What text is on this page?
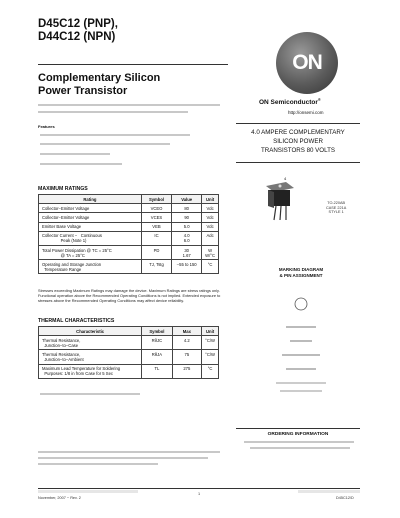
D45C12 (PNP),
D44C12 (NPN)
Complementary Silicon
Power Transistor
Features
ON
ON Semiconductor®
http://onsemi.com
4.0 AMPERE COMPLEMENTARY
SILICON POWER
TRANSISTORS 80 VOLTS
4
TO-220AB
CASE 221A
STYLE 1
MARKING DIAGRAM
& PIN ASSIGNMENT
ORDERING INFORMATION
MAXIMUM RATINGS
Rating	Symbol	Value	Unit
Collector−Emitter Voltage	VCEO	80	Vdc
Collector−Emitter Voltage	VCES	90	Vdc
Emitter Base Voltage	VEB	5.0	Vdc
Collector Current −   Continuous
Peak (Note 1)	IC	4.0
6.0	Adc
Total Power Dissipation @ TC = 25°C
@ TA = 25°C	PD	30
1.67	W
W/°C
Operating and Storage Junction
Temperature Range	TJ, Tstg	−55 to 150	°C
Stresses exceeding Maximum Ratings may damage the device. Maximum Ratings are stress ratings only. Functional operation above the Recommended Operating Conditions is not implied. Extended exposure to stresses above the Recommended Operating Conditions may affect device reliability.
THERMAL CHARACTERISTICS
Characteristic	Symbol	Max	Unit
Thermal Resistance,
Junction−to−Case	RθJC	4.2	°C/W
Thermal Resistance,
Junction−to−Ambient	RθJA	75	°C/W
Maximum Lead Temperature for Soldering
Purposes: 1/8 in from Case for 5 Sec	TL	275	°C
November, 2007 − Rev. 2
1
D45C12/D
